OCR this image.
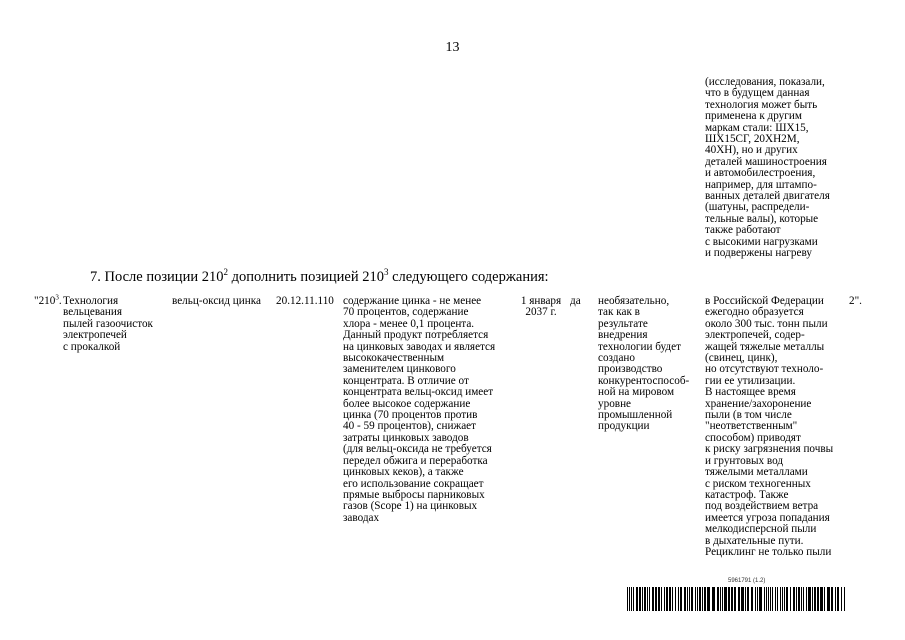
13
(исследования, показали,
что в будущем данная
технология может быть
применена к другим
маркам стали: ШХ15,
ШХ15СГ, 20ХН2М,
40ХН), но и других
деталей машиностроения
и автомобилестроения,
например, для штампо-
ванных деталей двигателя
(шатуны, распредели-
тельные валы), которые
также работают
с высокими нагрузками
и подвержены нагреву
7. После позиции $210^2$ дополнить позицией $210^3$ следующего содержания:
"$210^3$. Технология
вельцевания
пылей газоочисток
электропечей
с прокалкой
вельц-оксид цинка	20.12.11.110 содержание цинка - не менее
70 процентов, содержание
хлора - менее 0,1 процента.
Данный продукт потребляется
на цинковых заводах и является
высококачественным
заменителем цинкового
концентрата. В отличие от
концентрата вельц-оксид имеет
более высокое содержание
цинка (70 процентов против
40 - 59 процентов), снижает
затраты цинковых заводов
(для вельц-оксида не требуется
передел обжига и переработка
цинковых кеков), а также
его использование сокращает
прямые выбросы парниковых
газов (Scope 1) на цинковых
заводах
1 января
2037 г.
да	необязательно,
так как в
результате
внедрения
технологии будет
создано
производство
конкурентоспособ-
ной на мировом
уровне
промышленной
продукции
в Российской Федерации
ежегодно образуется
около 300 тыс. тонн пыли
электропечей, содер-
жащей тяжелые металлы
(свинец, цинк),
но отсутствуют техноло-
гии ее утилизации.
В настоящее время
хранение/захоронение
пыли (в том числе
"неответственным"
способом) приводят
к риску загрязнения почвы
и грунтовых вод
тяжелыми металлами
с риском техногенных
катастроф. Также
под воздействием ветра
имеется угроза попадания
мелкодисперсной пыли
в дыхательные пути.
Рециклинг не только пыли
2".
5961791 (1.2)
